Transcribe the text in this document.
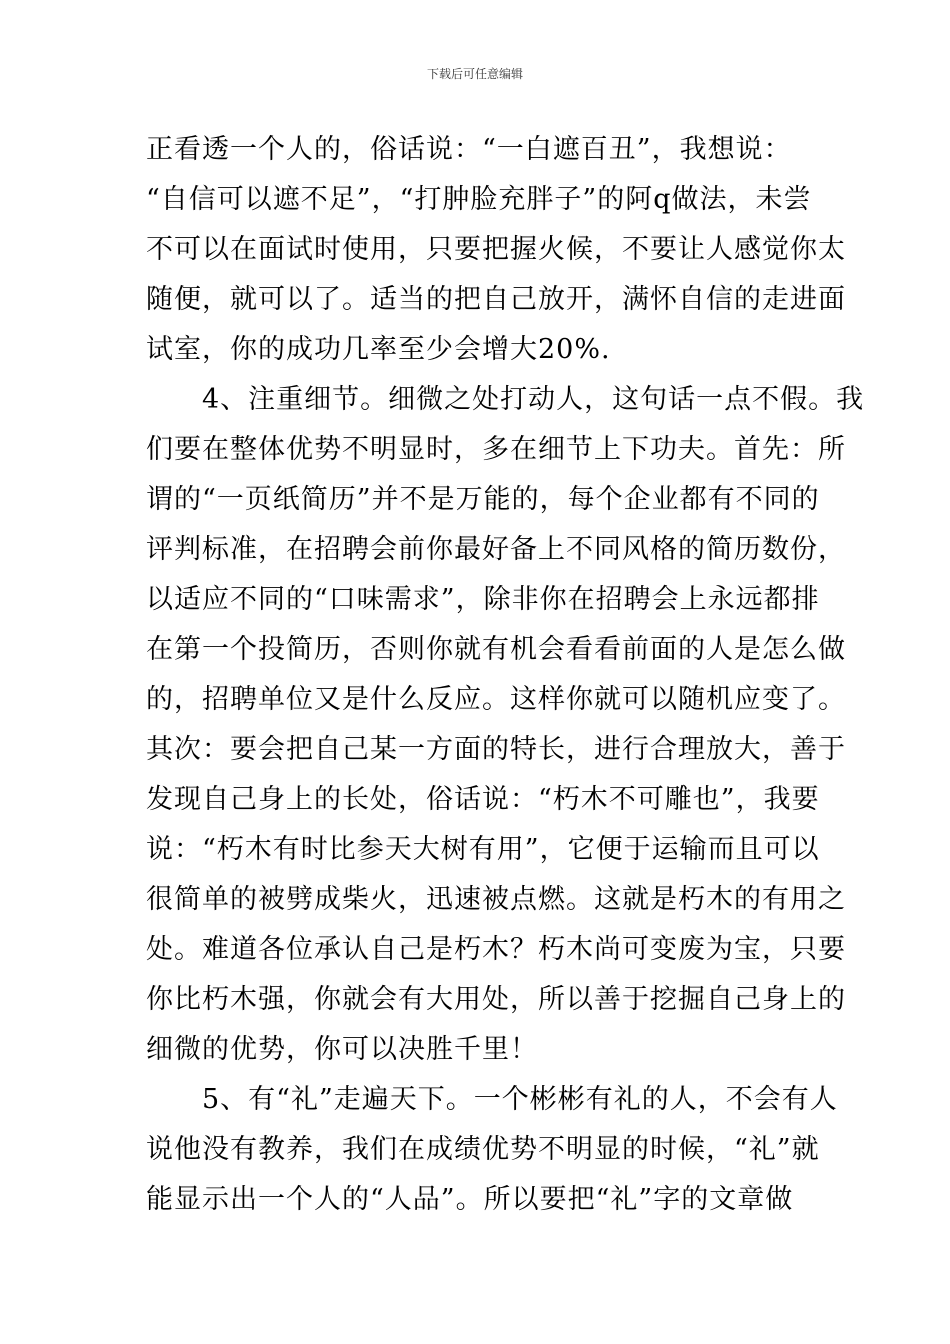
下载后可任意编辑
正看透一个人的，俗话说：“一白遮百丑”，我想说：
“自信可以遮不足”，“打肿脸充胖子”的阿q做法，未尝
不可以在面试时使用，只要把握火候，不要让人感觉你太
随便，就可以了。适当的把自己放开，满怀自信的走进面
试室，你的成功几率至少会增大20%.
　　4、注重细节。细微之处打动人，这句话一点不假。我
们要在整体优势不明显时，多在细节上下功夫。首先：所
谓的“一页纸简历”并不是万能的，每个企业都有不同的
评判标准，在招聘会前你最好备上不同风格的简历数份，
以适应不同的“口味需求”，除非你在招聘会上永远都排
在第一个投简历，否则你就有机会看看前面的人是怎么做
的，招聘单位又是什么反应。这样你就可以随机应变了。
其次：要会把自己某一方面的特长，进行合理放大，善于
发现自己身上的长处，俗话说：“朽木不可雕也”，我要
说：“朽木有时比参天大树有用”，它便于运输而且可以
很简单的被劈成柴火，迅速被点燃。这就是朽木的有用之
处。难道各位承认自己是朽木？朽木尚可变废为宝，只要
你比朽木强，你就会有大用处，所以善于挖掘自己身上的
细微的优势，你可以决胜千里！
　　5、有“礼”走遍天下。一个彬彬有礼的人，不会有人
说他没有教养，我们在成绩优势不明显的时候，“礼”就
能显示出一个人的“人品”。所以要把“礼”字的文章做
